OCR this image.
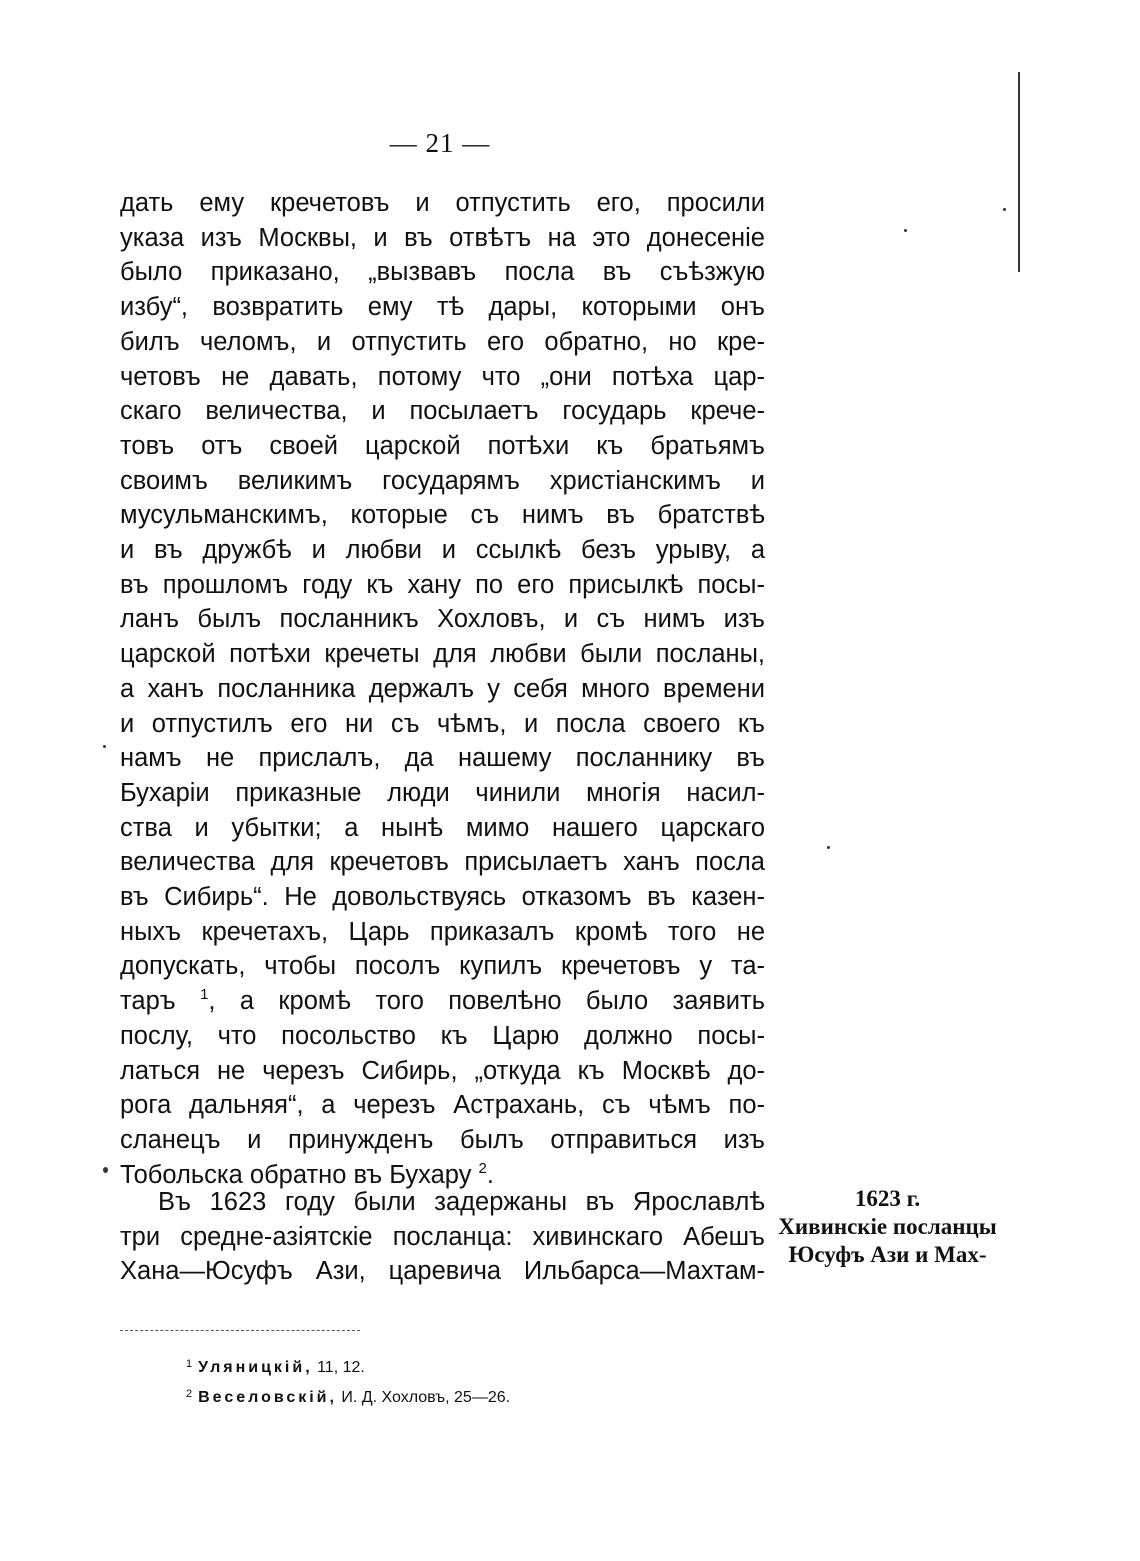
— 21 —
дать ему кречетовъ и отпустить его, просили
указа изъ Москвы, и въ отвѣтъ на это донесеніе
было приказано, „вызвавъ посла въ съѣзжую
избу“, возвратить ему тѣ дары, которыми онъ
билъ челомъ, и отпустить его обратно, но кре-
четовъ не давать, потому что „они потѣха цар-
скаго величества, и посылаетъ государь кречe-
товъ отъ своей царской потѣхи къ братьямъ
своимъ великимъ государямъ христіанскимъ и
мусульманскимъ, которые съ нимъ въ братствѣ
и въ дружбѣ и любви и ссылкѣ безъ урыву, а
въ прошломъ году къ хану по его присылкѣ посы-
ланъ былъ посланникъ Хохловъ, и съ нимъ изъ
царской потѣхи кречеты для любви были посланы,
а ханъ посланника держалъ у себя много времени
и отпустилъ его ни съ чѣмъ, и посла своего къ
намъ не прислалъ, да нашему посланнику въ
Бухаріи приказные люди чинили многія насил-
ства и убытки; а нынѣ мимо нашего царскаго
величества для кречетовъ присылаетъ ханъ посла
въ Сибирь“. Не довольствуясь отказомъ въ казен-
ныхъ кречетахъ, Царь приказалъ кромѣ того не
допускать, чтобы посолъ купилъ кречетовъ у та-
таръ $^1$, а кромѣ того повелѣно было заявить
послу, что посольство къ Царю должно посы-
латься не черезъ Сибирь, „откуда къ Москвѣ до-
рога дальняя“, а черезъ Астрахань, съ чѣмъ по-
сланецъ и принужденъ былъ отправиться изъ
Тобольска обратно въ Бухару $^2$.
Въ 1623 году были задержаны въ Ярославлѣ
три средне-азіятскіе посланца: хивинскаго Абешъ
Хана—Юсуфъ Ази, царевича Ильбарса—Махтам-
1623 г.
Хивинскіе посланцы
Юсуфъ Ази и Мах-
$^1$ Уляницкій, 11, 12.
$^2$ Веселовскій, И. Д. Хохловъ, 25—26.
